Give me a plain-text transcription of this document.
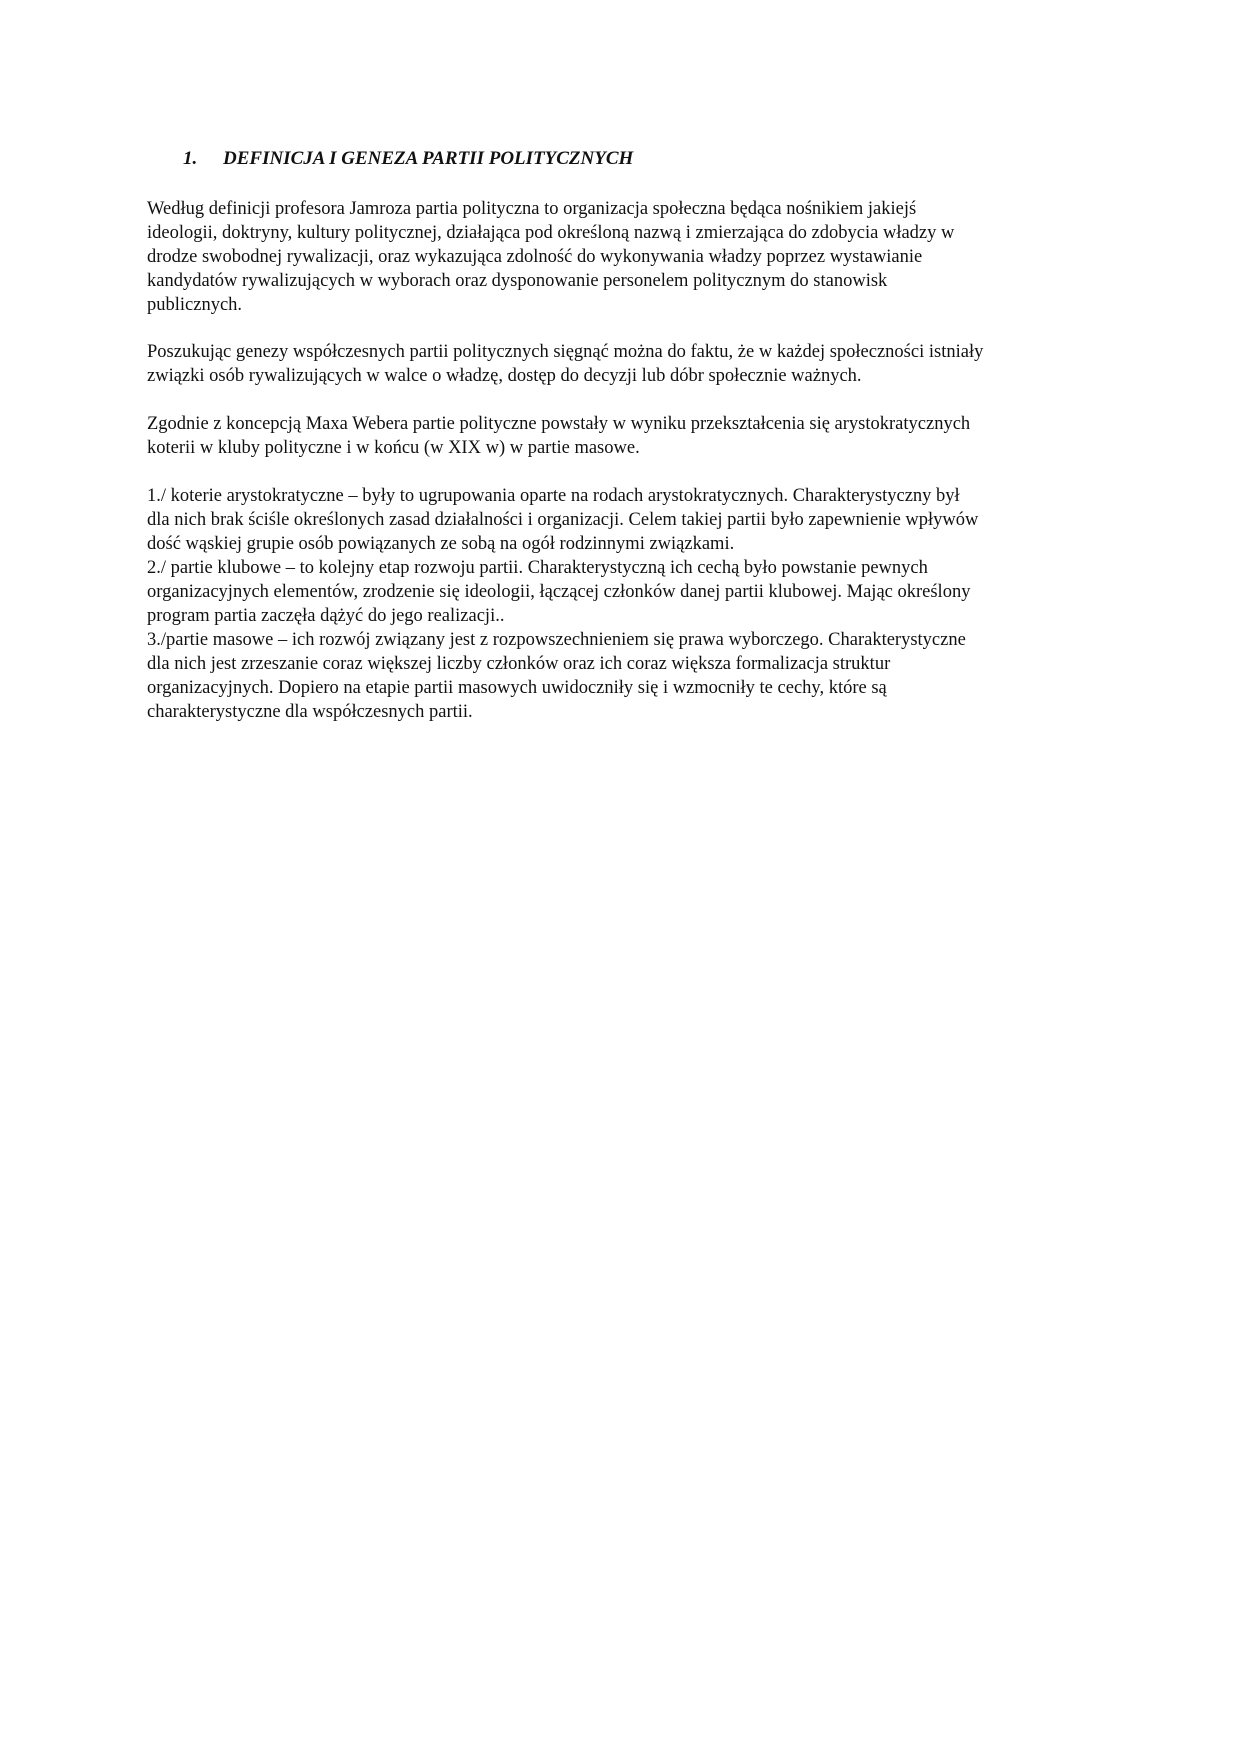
1. DEFINICJA I GENEZA PARTII POLITYCZNYCH
Według definicji profesora Jamroza partia polityczna to organizacja społeczna będąca nośnikiem jakiejś
ideologii, doktryny, kultury politycznej, działająca pod określoną nazwą i zmierzająca do zdobycia władzy w
drodze swobodnej rywalizacji, oraz wykazująca zdolność do wykonywania władzy poprzez wystawianie
kandydatów rywalizujących w wyborach oraz dysponowanie personelem politycznym do stanowisk
publicznych.
Poszukując genezy współczesnych partii politycznych sięgnąć można do faktu, że w każdej społeczności istniały
związki osób rywalizujących w walce o władzę, dostęp do decyzji lub dóbr społecznie ważnych.
Zgodnie z koncepcją Maxa Webera partie polityczne powstały w wyniku przekształcenia się arystokratycznych
koterii w kluby polityczne i w końcu (w XIX w) w partie masowe.
1./ koterie arystokratyczne – były to ugrupowania oparte na rodach arystokratycznych. Charakterystyczny był
dla nich brak ściśle określonych zasad działalności i organizacji. Celem takiej partii było zapewnienie wpływów
dość wąskiej grupie osób powiązanych ze sobą na ogół rodzinnymi związkami.
2./ partie klubowe – to kolejny etap rozwoju partii. Charakterystyczną ich cechą było powstanie pewnych
organizacyjnych elementów, zrodzenie się ideologii, łączącej członków danej partii klubowej. Mając określony
program partia zaczęła dążyć do jego realizacji..
3./partie masowe – ich rozwój związany jest z rozpowszechnieniem się prawa wyborczego. Charakterystyczne
dla nich jest zrzeszanie coraz większej liczby członków oraz ich coraz większa formalizacja struktur
organizacyjnych. Dopiero na etapie partii masowych uwidoczniły się i wzmocniły te cechy, które są
charakterystyczne dla współczesnych partii.
